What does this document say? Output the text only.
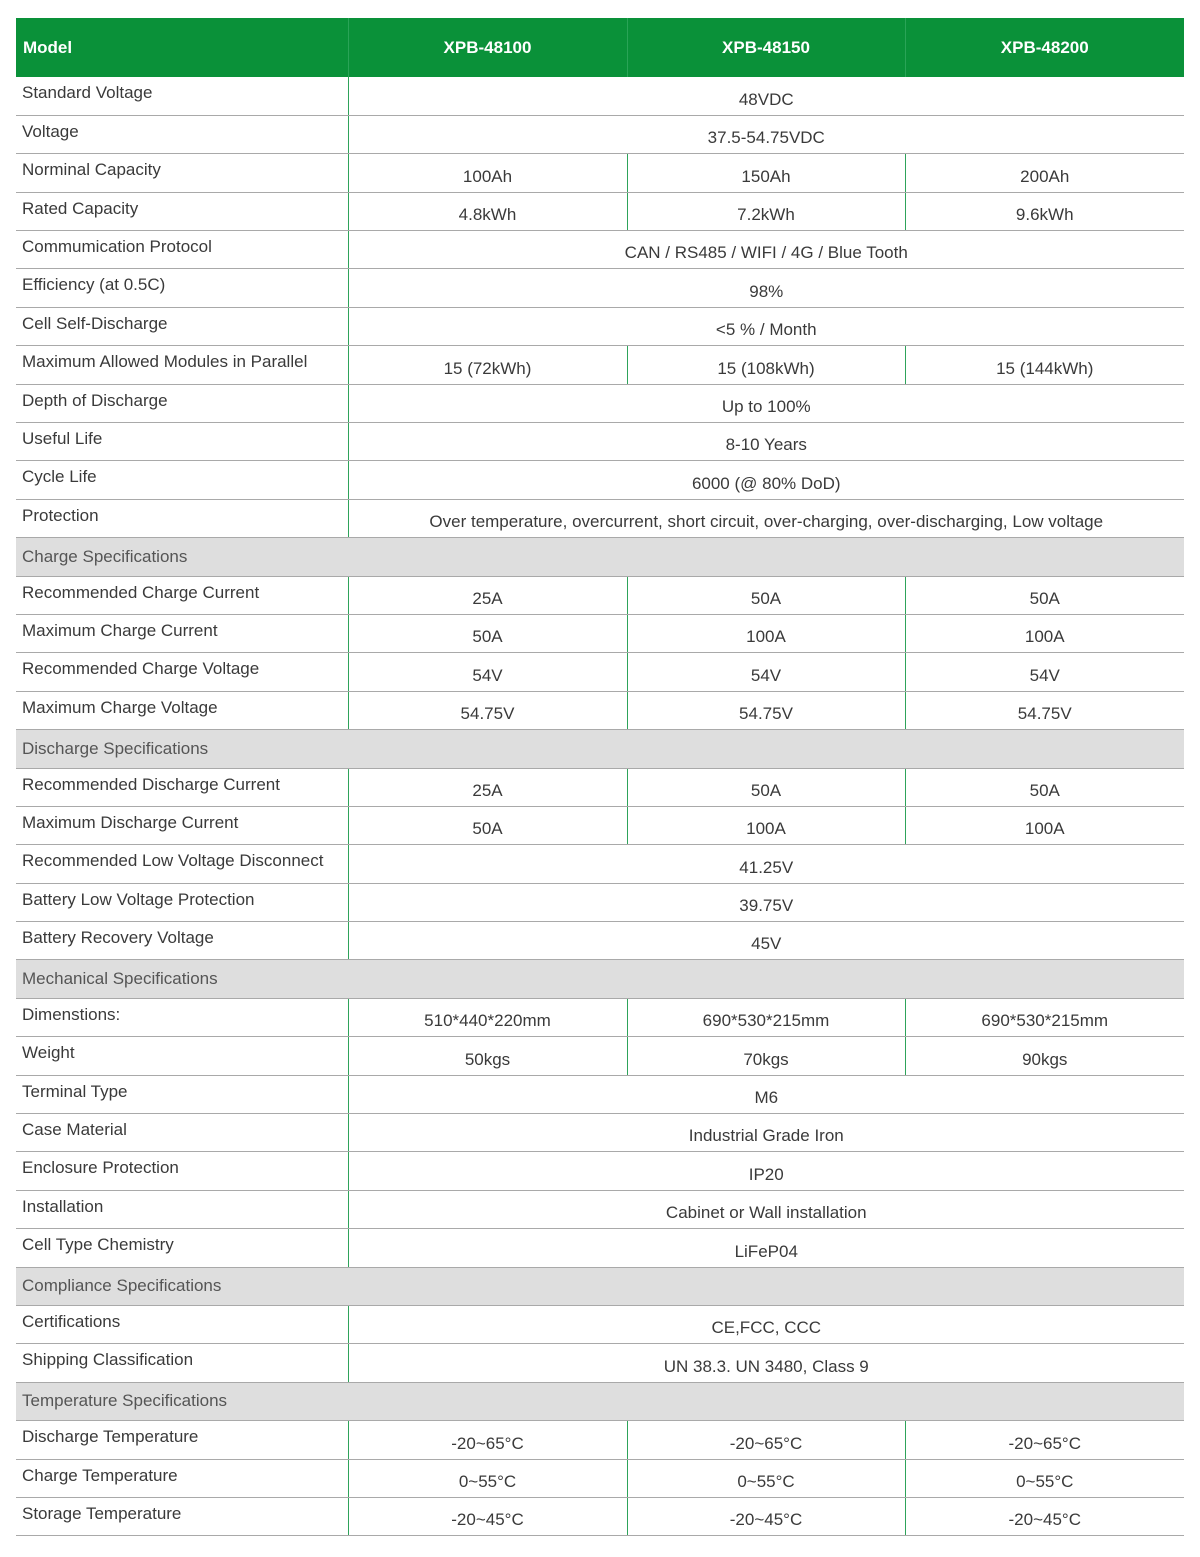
Model	XPB-48100	XPB-48150	XPB-48200
Standard Voltage	48VDC		
Voltage	37.5-54.75VDC		
Norminal Capacity	100Ah	150Ah	200Ah
Rated Capacity	4.8kWh	7.2kWh	9.6kWh
Commumication Protocol	CAN / RS485 / WIFI / 4G / Blue Tooth		
Efficiency (at 0.5C)	98%		
Cell Self-Discharge	<5 % / Month		
Maximum Allowed Modules in Parallel	15 (72kWh)	15 (108kWh)	15 (144kWh)
Depth of Discharge	Up to 100%		
Useful Life	8-10 Years		
Cycle Life	6000 (@ 80% DoD)		
Protection	Over temperature, overcurrent, short circuit, over-charging, over-discharging, Low voltage		
Charge Specifications			
Recommended Charge Current	25A	50A	50A
Maximum Charge Current	50A	100A	100A
Recommended Charge Voltage	54V	54V	54V
Maximum Charge Voltage	54.75V	54.75V	54.75V
Discharge Specifications			
Recommended Discharge Current	25A	50A	50A
Maximum Discharge Current	50A	100A	100A
Recommended Low Voltage Disconnect	41.25V		
Battery Low Voltage Protection	39.75V		
Battery Recovery Voltage	45V		
Mechanical Specifications			
Dimenstions:	510*440*220mm	690*530*215mm	690*530*215mm
Weight	50kgs	70kgs	90kgs
Terminal Type	M6		
Case Material	Industrial Grade Iron		
Enclosure Protection	IP20		
Installation	Cabinet or Wall installation		
Cell Type Chemistry	LiFeP04		
Compliance Specifications			
Certifications	CE,FCC, CCC		
Shipping Classification	UN 38.3. UN 3480, Class 9		
Temperature Specifications			
Discharge Temperature	-20~65°C	-20~65°C	-20~65°C
Charge Temperature	0~55°C	0~55°C	0~55°C
Storage Temperature	-20~45°C	-20~45°C	-20~45°C
